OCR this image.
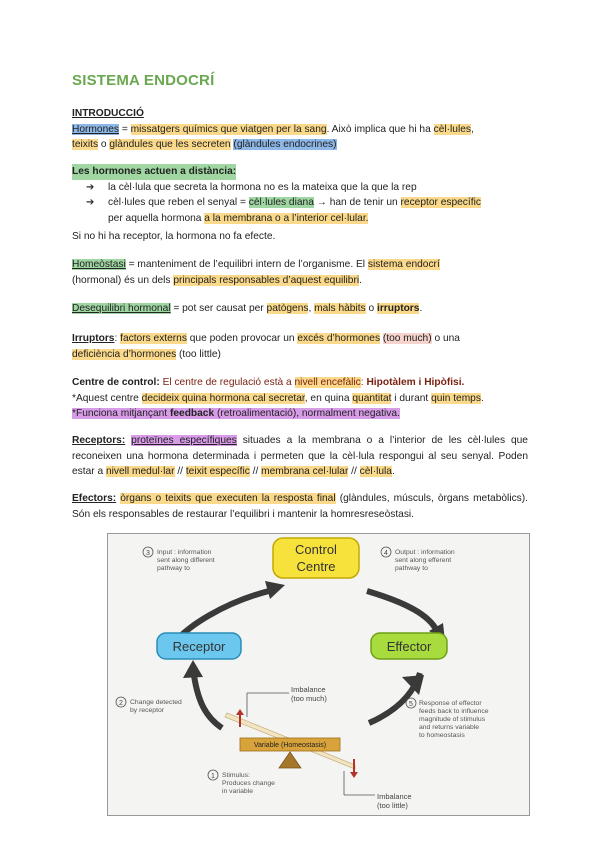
SISTEMA ENDOCRÍ
INTRODUCCIÓ
Hormones = missatgers químics que viatgen per la sang. Això implica que hi ha cèl·lules,
teixits o glàndules que les secreten (glàndules endocrines)
Les hormones actuen a distància:
➔ la cèl·lula que secreta la hormona no es la mateixa que la que la rep
➔ cèl·lules que reben el senyal = cèl·lules diana → han de tenir un receptor específic
per aquella hormona a la membrana o a l’interior cel·lular.
Si no hi ha receptor, la hormona no fa efecte.
Homeòstasi = manteniment de l’equilibri intern de l’organisme. El sistema endocrí
(hormonal) és un dels principals responsables d’aquest equilibri.
Desequilibri hormonal = pot ser causat per patògens, mals hàbits o irruptors.
Irruptors: factors externs que poden provocar un excés d’hormones (too much) o una
deficiència d’hormones (too little)
Centre de control: El centre de regulació està a nivell encefàlic: Hipotàlem i Hipòfisi.
*Aquest centre decideix quina hormona cal secretar, en quina quantitat i durant quin temps.
*Funciona mitjançant feedback (retroalimentació), normalment negativa.
Receptors: proteïnes específiques situades a la membrana o a l’interior de les cèl·lules que reconeixen una hormona determinada i permeten que la cèl·lula respongui al seu senyal. Poden estar a nivell medul·lar // teixit específic // membrana cel·lular // cèl·lula.
Efectors: òrgans o teixits que executen la resposta final (glàndules, músculs, òrgans metabòlics). Són els responsables de restaurar l’equilibri i mantenir la homresreseòstasi.
Control
Centre
Receptor	Effector
3 Input : information
sent along different
pathway to
4 Output : information
sent along efferent
pathway to
2 Change detected
by receptor
5 Response of effector
feeds back to influence
magnitude of stimulus
and returns variable
to homeostasis
Imbalance
(too much)
Variable (Homeostasis)
1 Stimulus:
Produces change
in variable
Imbalance
(too little)
